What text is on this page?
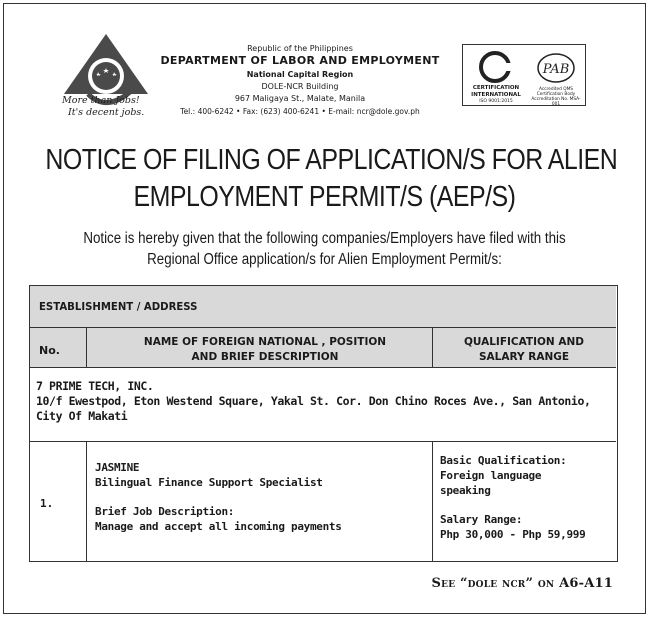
More than Jobs!
It's decent jobs.
Republic of the Philippines
DEPARTMENT OF LABOR AND EMPLOYMENT
National Capital Region
DOLE-NCR Building
967 Maligaya St., Malate, Manila
Tel.: 400-6242 • Fax: (623) 400-6241 • E-mail: ncr@dole.gov.ph
CERTIFICATION
INTERNATIONAL
ISO 9001:2015
PAB
Accredited QMS Certification Body Accreditation No. MSA-001
NOTICE OF FILING OF APPLICATION/S FOR ALIEN
EMPLOYMENT PERMIT/S (AEP/S)
Notice is hereby given that the following companies/Employers have filed with this
Regional Office application/s for Alien Employment Permit/s:
ESTABLISHMENT / ADDRESS
No.
NAME OF FOREIGN NATIONAL , POSITION
AND BRIEF DESCRIPTION
QUALIFICATION AND
SALARY RANGE
7 PRIME TECH, INC.
10/f Ewestpod, Eton Westend Square, Yakal St. Cor. Don Chino Roces Ave., San Antonio,
City Of Makati
1.
JASMINE
Bilingual Finance Support Specialist
Brief Job Description:
Manage and accept all incoming payments
Basic Qualification:
Foreign language
speaking
Salary Range:
Php 30,000 - Php 59,999
See “dole ncr” on A6-A11
